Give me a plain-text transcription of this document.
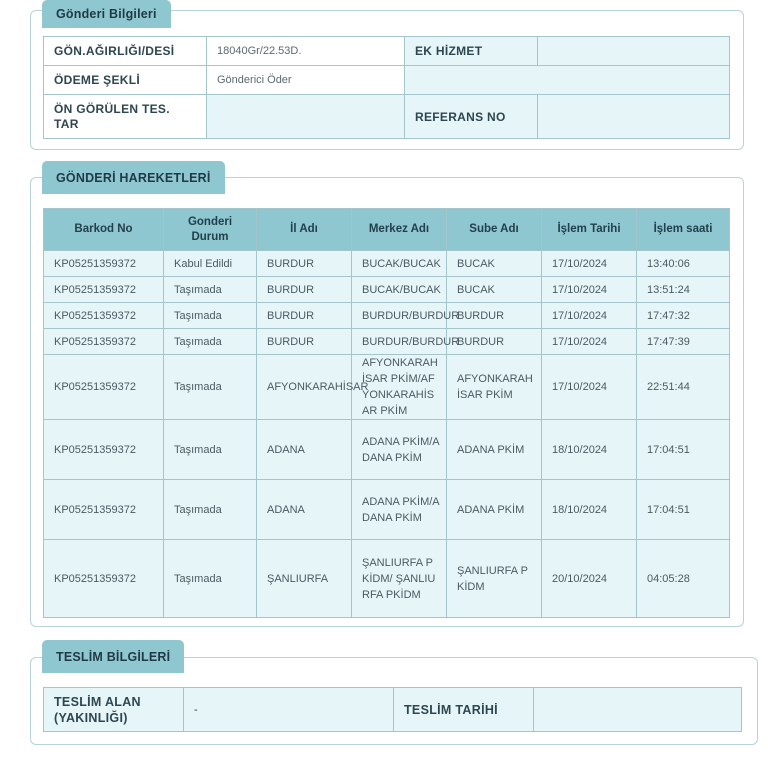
Gönderi Bilgileri
GÖN.AĞIRLIĞI/DESİ	18040Gr/22.53D.	EK HİZMET	
ÖDEME ŞEKLİ	Gönderici Öder		
ÖN GÖRÜLEN TES. TAR		REFERANS NO	
GÖNDERİ HAREKETLERİ
Barkod No	Gonderi Durum	İl Adı	Merkez Adı	Sube Adı	İşlem Tarihi	İşlem saati
KP05251359372	Kabul Edildi	BURDUR	BUCAK/BUCAK	BUCAK	17/10/2024	13:40:06
KP05251359372	Taşımada	BURDUR	BUCAK/BUCAK	BUCAK	17/10/2024	13:51:24
KP05251359372	Taşımada	BURDUR	BURDUR/BURDUR	BURDUR	17/10/2024	17:47:32
KP05251359372	Taşımada	BURDUR	BURDUR/BURDUR	BURDUR	17/10/2024	17:47:39
KP05251359372	Taşımada	AFYONKARAHİSAR	AFYONKARAHİSAR PKİM/AFYONKARAHİSAR PKİM	AFYONKARAHİSAR PKİM	17/10/2024	22:51:44
KP05251359372	Taşımada	ADANA	ADANA PKİM/ADANA PKİM	ADANA PKİM	18/10/2024	17:04:51
KP05251359372	Taşımada	ADANA	ADANA PKİM/ADANA PKİM	ADANA PKİM	18/10/2024	17:04:51
KP05251359372	Taşımada	ŞANLIURFA	ŞANLIURFA PKİDM/ ŞANLIURFA PKİDM	ŞANLIURFA PKİDM	20/10/2024	04:05:28
TESLİM BİLGİLERİ
TESLİM ALAN (YAKINLIĞI)	-	TESLİM TARİHİ	
